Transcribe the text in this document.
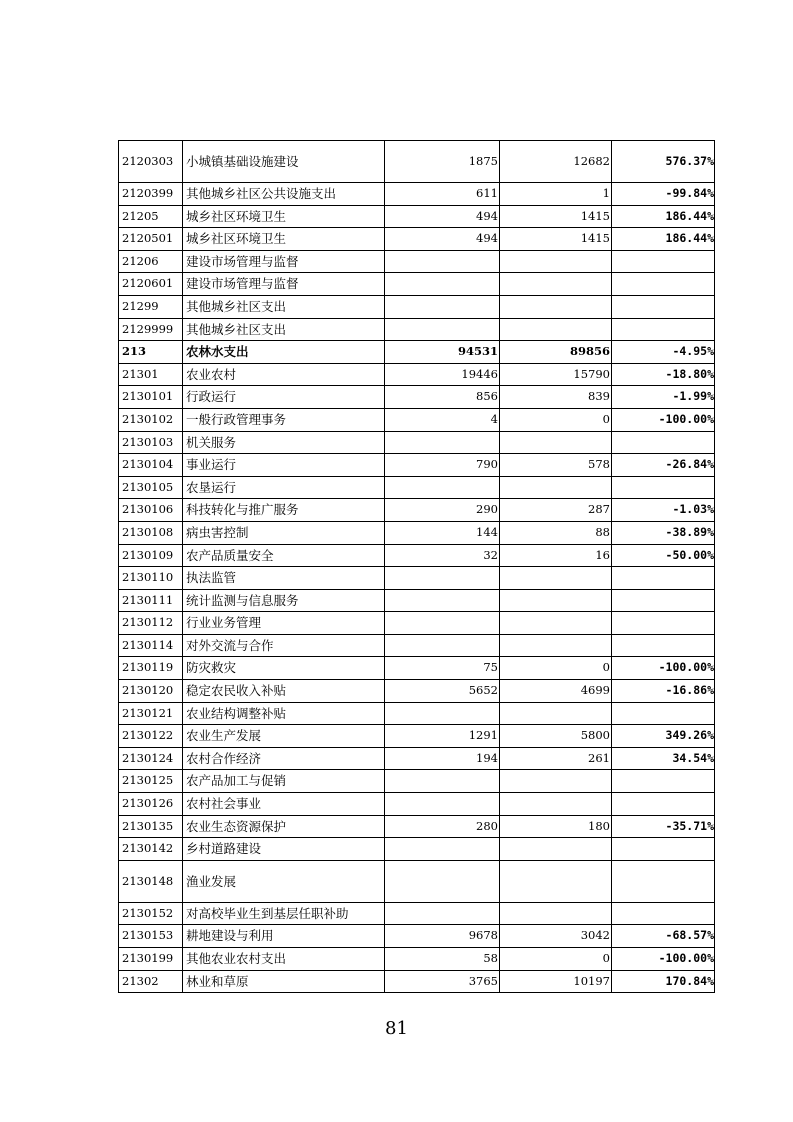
2120303	小城镇基础设施建设	1875	12682	576.37%
2120399	其他城乡社区公共设施支出	611	1	-99.84%
21205	城乡社区环境卫生	494	1415	186.44%
2120501	城乡社区环境卫生	494	1415	186.44%
21206	建设市场管理与监督			
2120601	建设市场管理与监督			
21299	其他城乡社区支出			
2129999	其他城乡社区支出			
213	农林水支出	94531	89856	-4.95%
21301	农业农村	19446	15790	-18.80%
2130101	行政运行	856	839	-1.99%
2130102	一般行政管理事务	4	0	-100.00%
2130103	机关服务			
2130104	事业运行	790	578	-26.84%
2130105	农垦运行			
2130106	科技转化与推广服务	290	287	-1.03%
2130108	病虫害控制	144	88	-38.89%
2130109	农产品质量安全	32	16	-50.00%
2130110	执法监管			
2130111	统计监测与信息服务			
2130112	行业业务管理			
2130114	对外交流与合作			
2130119	防灾救灾	75	0	-100.00%
2130120	稳定农民收入补贴	5652	4699	-16.86%
2130121	农业结构调整补贴			
2130122	农业生产发展	1291	5800	349.26%
2130124	农村合作经济	194	261	34.54%
2130125	农产品加工与促销			
2130126	农村社会事业			
2130135	农业生态资源保护	280	180	-35.71%
2130142	乡村道路建设			
2130148	渔业发展			
2130152	对高校毕业生到基层任职补助			
2130153	耕地建设与利用	9678	3042	-68.57%
2130199	其他农业农村支出	58	0	-100.00%
21302	林业和草原	3765	10197	170.84%
81
